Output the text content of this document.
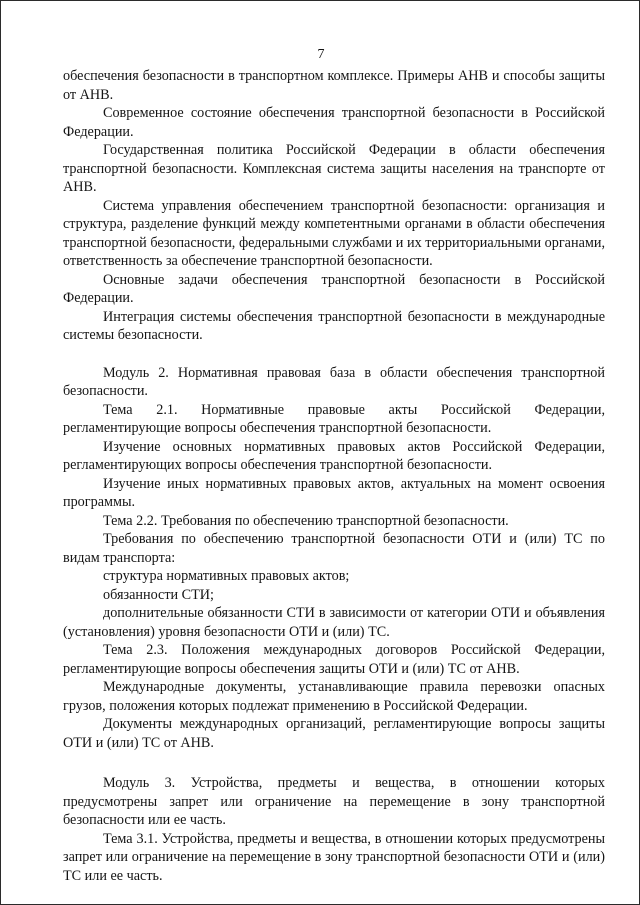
7

обеспечения безопасности в транспортном комплексе. Примеры АНВ и способы защиты от АНВ.

Современное состояние обеспечения транспортной безопасности в Российской Федерации.

Государственная политика Российской Федерации в области обеспечения транспортной безопасности. Комплексная система защиты населения на транспорте от АНВ.

Система управления обеспечением транспортной безопасности: организация и структура, разделение функций между компетентными органами в области обеспечения транспортной безопасности, федеральными службами и их территориальными органами, ответственность за обеспечение транспортной безопасности.

Основные задачи обеспечения транспортной безопасности в Российской Федерации.

Интеграция системы обеспечения транспортной безопасности в международные системы безопасности.

Модуль 2. Нормативная правовая база в области обеспечения транспортной безопасности.

Тема 2.1. Нормативные правовые акты Российской Федерации, регламентирующие вопросы обеспечения транспортной безопасности.

Изучение основных нормативных правовых актов Российской Федерации, регламентирующих вопросы обеспечения транспортной безопасности.

Изучение иных нормативных правовых актов, актуальных на момент освоения программы.

Тема 2.2. Требования по обеспечению транспортной безопасности.

Требования по обеспечению транспортной безопасности ОТИ и (или) ТС по видам транспорта:

структура нормативных правовых актов;

обязанности СТИ;

дополнительные обязанности СТИ в зависимости от категории ОТИ и объявления (установления) уровня безопасности ОТИ и (или) ТС.

Тема 2.3. Положения международных договоров Российской Федерации, регламентирующие вопросы обеспечения защиты ОТИ и (или) ТС от АНВ.

Международные документы, устанавливающие правила перевозки опасных грузов, положения которых подлежат применению в Российской Федерации.

Документы международных организаций, регламентирующие вопросы защиты ОТИ и (или) ТС от АНВ.

Модуль 3. Устройства, предметы и вещества, в отношении которых предусмотрены запрет или ограничение на перемещение в зону транспортной безопасности или ее часть.

Тема 3.1. Устройства, предметы и вещества, в отношении которых предусмотрены запрет или ограничение на перемещение в зону транспортной безопасности ОТИ и (или) ТС или ее часть.
